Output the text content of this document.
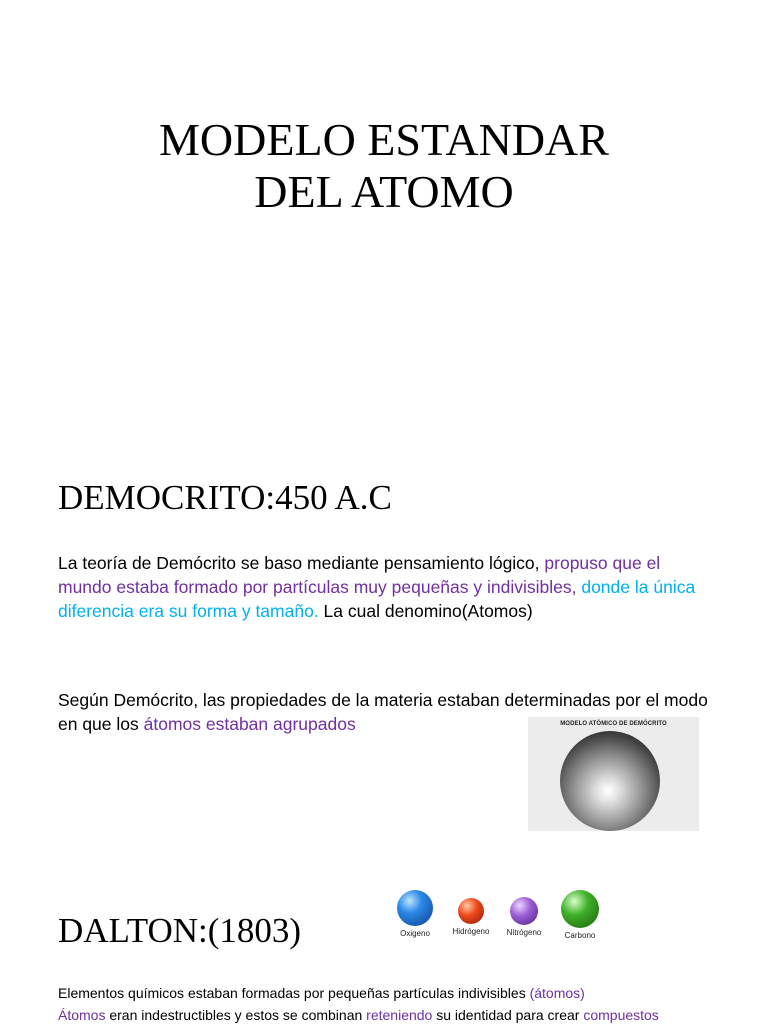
MODELO ESTANDAR
DEL ATOMO
DEMOCRITO:450 A.C
La teoría de Demócrito se baso mediante pensamiento lógico, propuso que el mundo estaba formado por partículas muy pequeñas y indivisibles, donde la única diferencia era su forma y tamaño. La cual denomino(Atomos)
Según Demócrito, las propiedades de la materia estaban determinadas por el modo en que los átomos estaban agrupados	MODELO ATÓMICO DE DEMÓCRITO
DALTON:(1803)	Oxigeno	Hidrógeno	Nitrógeno	Carbono
Elementos químicos estaban formadas por pequeñas partículas indivisibles (átomos)
Átomos eran indestructibles y estos se combinan reteniendo su identidad para crear compuestos
